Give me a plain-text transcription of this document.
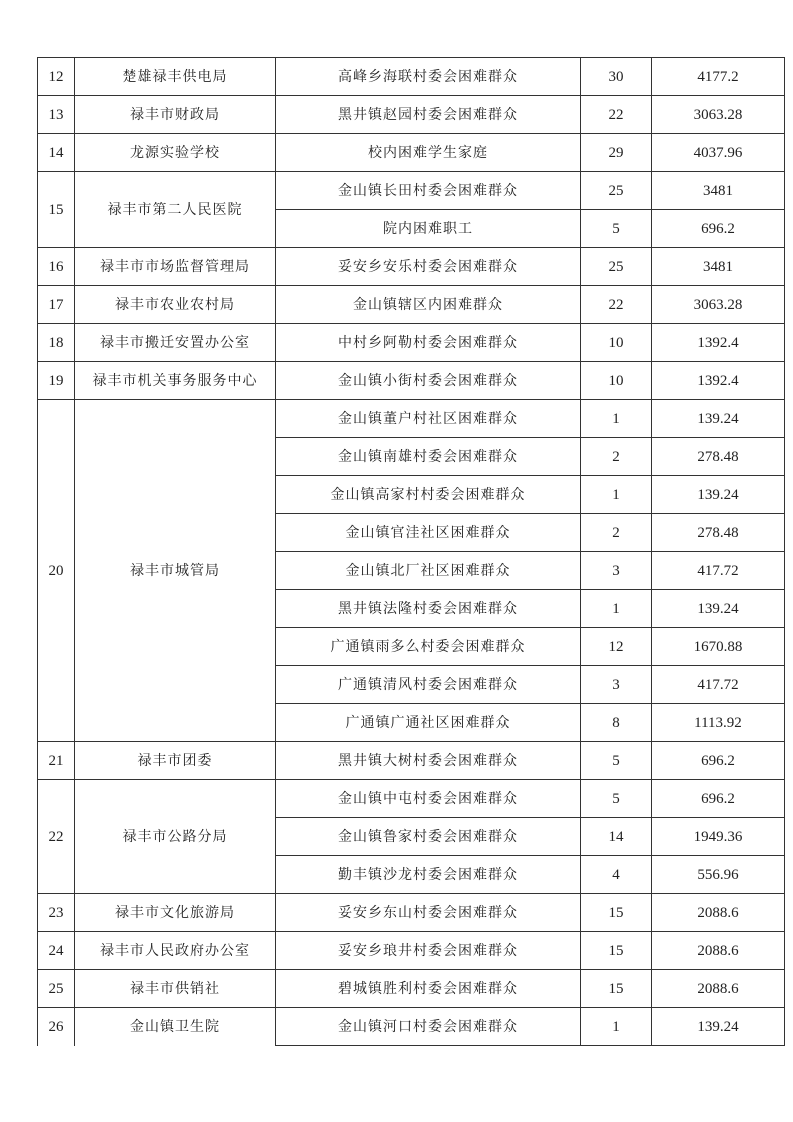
12	楚雄禄丰供电局	高峰乡海联村委会困难群众	30	4177.2
13	禄丰市财政局	黑井镇赵园村委会困难群众	22	3063.28
14	龙源实验学校	校内困难学生家庭	29	4037.96
15	禄丰市第二人民医院	金山镇长田村委会困难群众	25	3481
		院内困难职工	5	696.2
16	禄丰市市场监督管理局	妥安乡安乐村委会困难群众	25	3481
17	禄丰市农业农村局	金山镇辖区内困难群众	22	3063.28
18	禄丰市搬迁安置办公室	中村乡阿勒村委会困难群众	10	1392.4
19	禄丰市机关事务服务中心	金山镇小街村委会困难群众	10	1392.4
20	禄丰市城管局	金山镇董户村社区困难群众	1	139.24
		金山镇南雄村委会困难群众	2	278.48
		金山镇高家村村委会困难群众	1	139.24
		金山镇官洼社区困难群众	2	278.48
		金山镇北厂社区困难群众	3	417.72
		黑井镇法隆村委会困难群众	1	139.24
		广通镇雨多么村委会困难群众	12	1670.88
		广通镇清风村委会困难群众	3	417.72
		广通镇广通社区困难群众	8	1113.92
21	禄丰市团委	黑井镇大树村委会困难群众	5	696.2
22	禄丰市公路分局	金山镇中屯村委会困难群众	5	696.2
		金山镇鲁家村委会困难群众	14	1949.36
		勤丰镇沙龙村委会困难群众	4	556.96
23	禄丰市文化旅游局	妥安乡东山村委会困难群众	15	2088.6
24	禄丰市人民政府办公室	妥安乡琅井村委会困难群众	15	2088.6
25	禄丰市供销社	碧城镇胜利村委会困难群众	15	2088.6
26	金山镇卫生院	金山镇河口村委会困难群众	1	139.24
